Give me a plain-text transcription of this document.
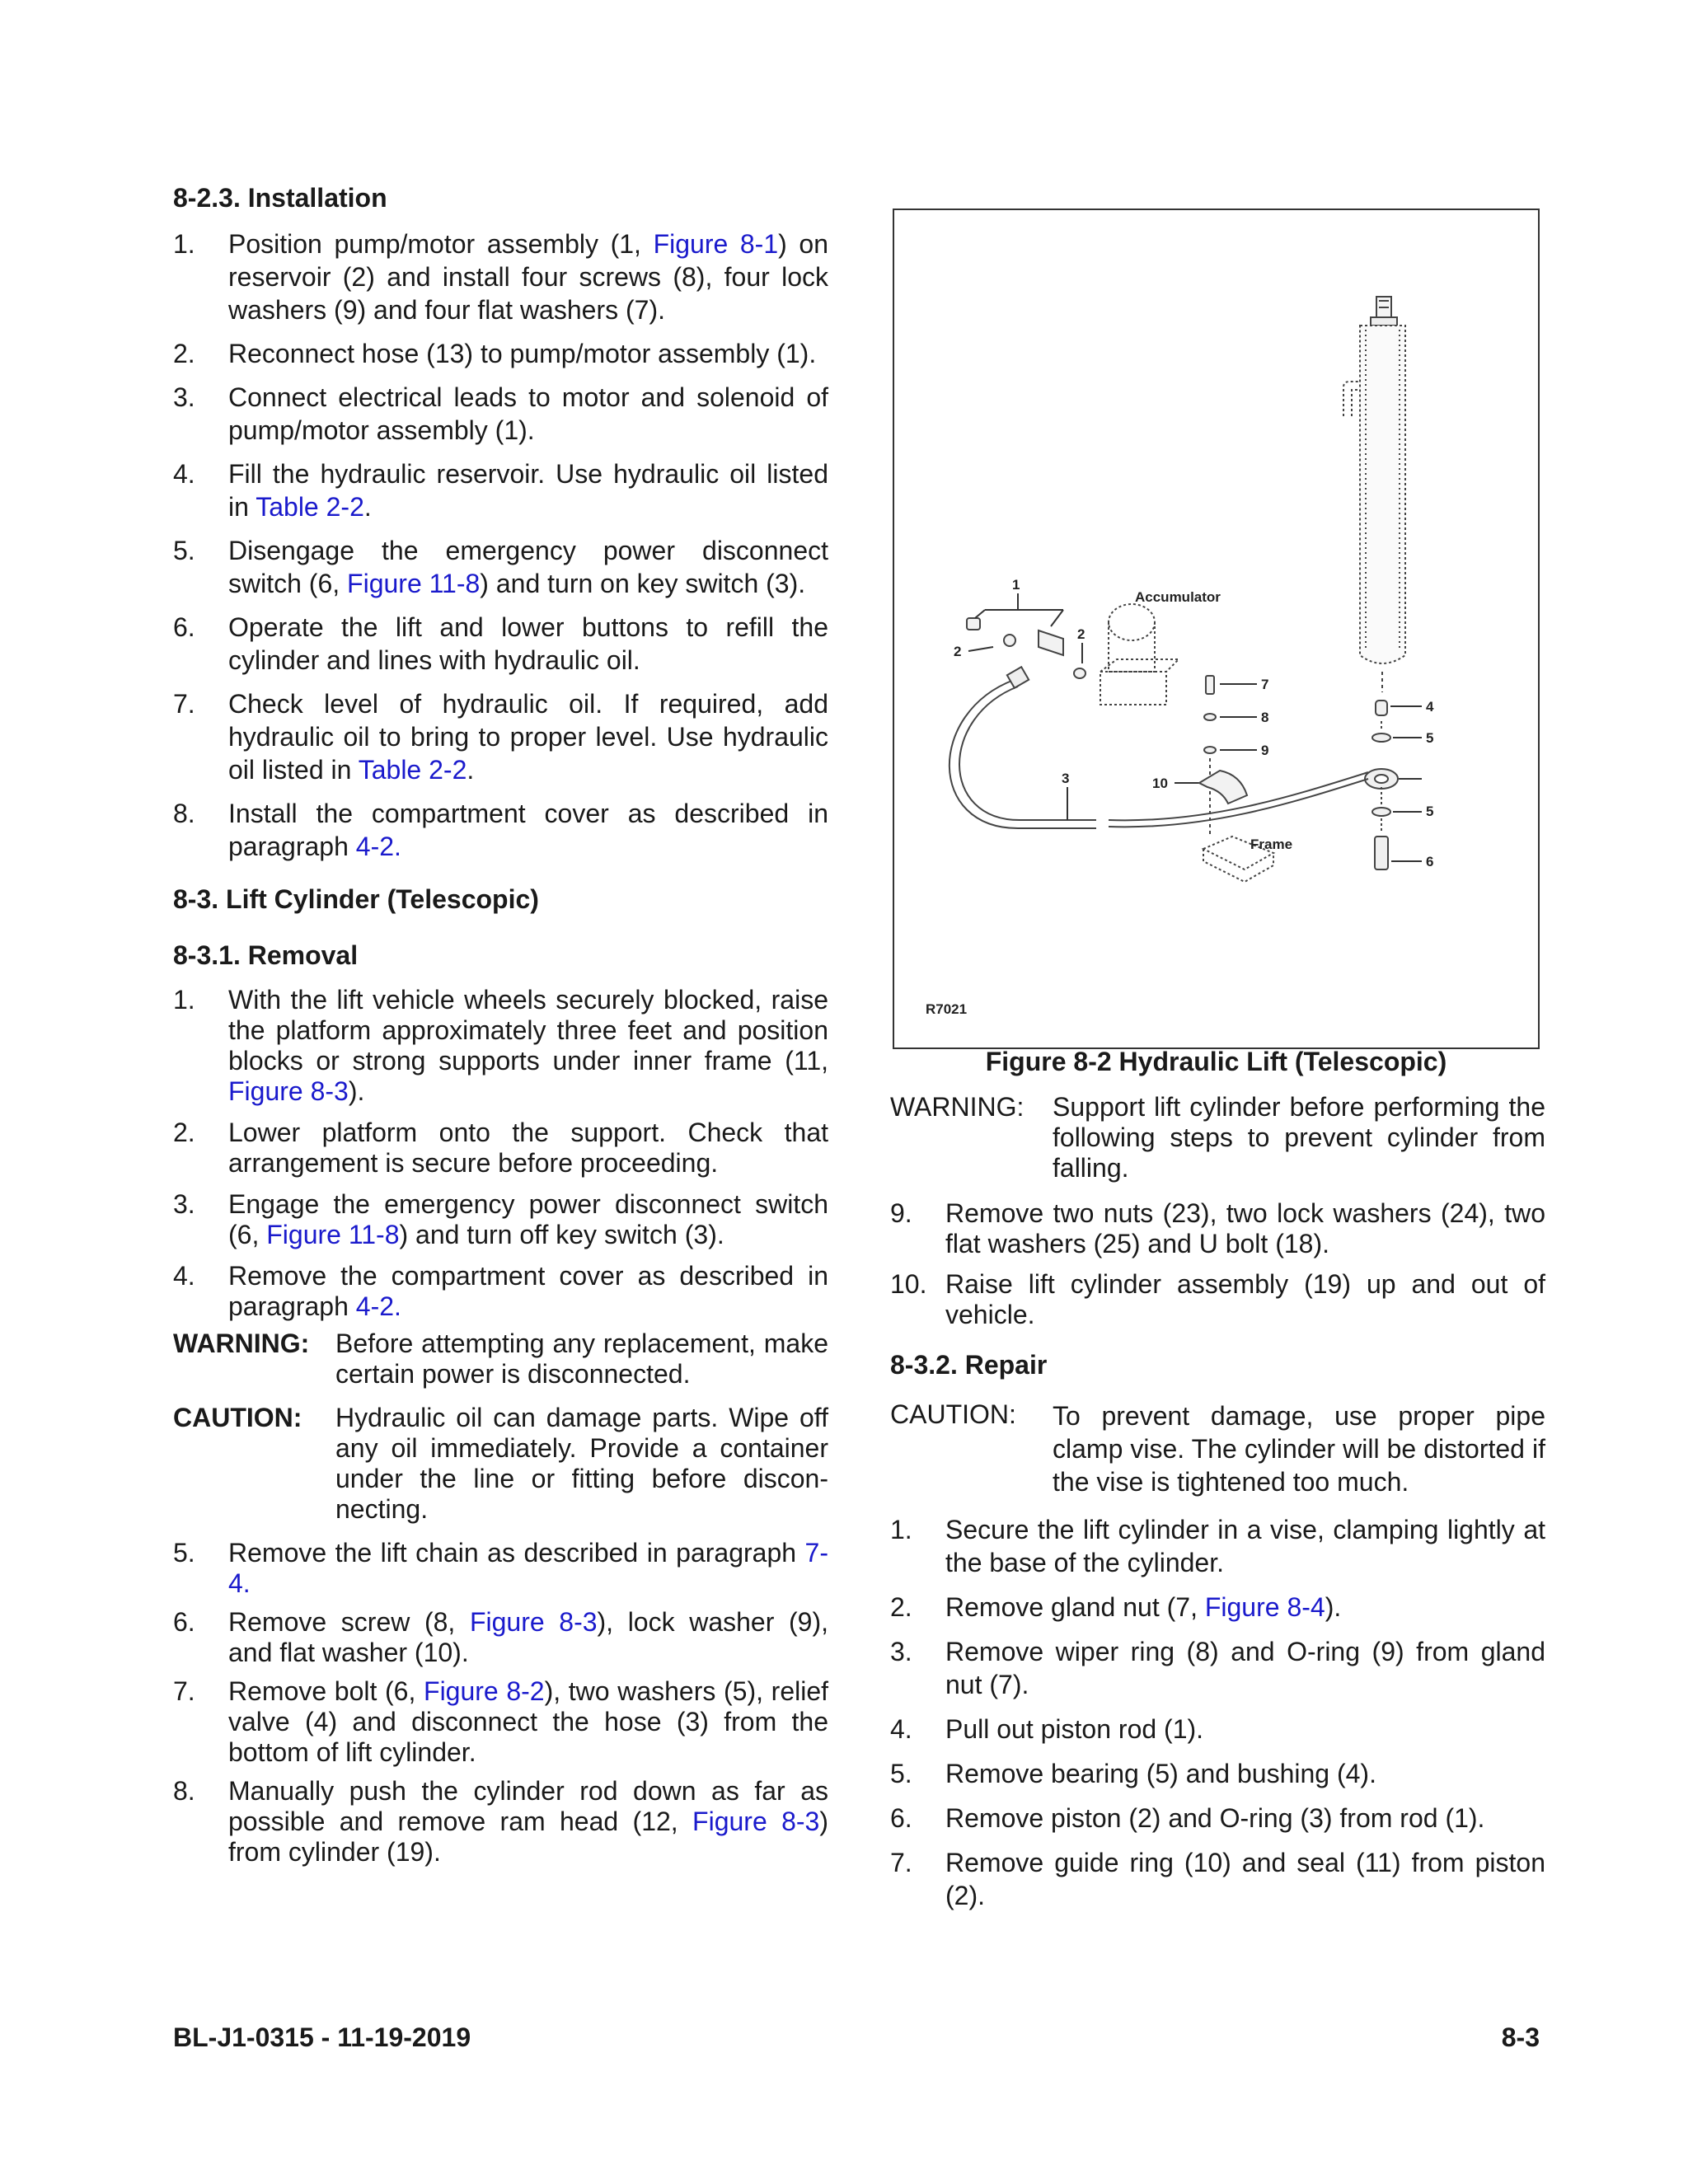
8-2.3. Installation
1.	Position pump/motor assembly (1, Figure 8-1) on reservoir (2) and install four screws (8), four lock washers (9) and four flat washers (7).
2.	Reconnect hose (13) to pump/motor assembly (1).
3.	Connect electrical leads to motor and solenoid of pump/motor assembly (1).
4.	Fill the hydraulic reservoir. Use hydraulic oil listed in Table 2-2.
5.	Disengage the emergency power disconnect switch (6, Figure 11-8) and turn on key switch (3).
6.	Operate the lift and lower buttons to refill the cylinder and lines with hydraulic oil.
7.	Check level of hydraulic oil. If required, add hydraulic oil to bring to proper level. Use hydraulic oil listed in Table 2-2.
8.	Install the compartment cover as described in paragraph 4-2.
8-3. Lift Cylinder (Telescopic)
8-3.1. Removal
1.	With the lift vehicle wheels securely blocked, raise the platform approximately three feet and position blocks or strong supports under inner frame (11, Figure 8-3).
2.	Lower platform onto the support. Check that arrangement is secure before proceeding.
3.	Engage the emergency power disconnect switch (6, Figure 11-8) and turn off key switch (3).
4.	Remove the compartment cover as described in paragraph 4-2.
WARNING: Before attempting any replacement, make certain power is disconnected.
CAUTION:	Hydraulic oil can damage parts. Wipe off any oil immediately. Provide a container under the line or fitting before discon-necting.
5.	Remove the lift chain as described in paragraph 7-4.
6.	Remove screw (8, Figure 8-3), lock washer (9), and flat washer (10).
7.	Remove bolt (6, Figure 8-2), two washers (5), relief valve (4) and disconnect the hose (3) from the bottom of lift cylinder.
8.	Manually push the cylinder rod down as far as possible and remove ram head (12, Figure 8-3) from cylinder (19).
4
5
5
6
1
2
2
3
7
8
9
10
Accumulator
Frame
R7021
Figure 8-2 Hydraulic Lift (Telescopic)
WARNING:	Support lift cylinder before performing the following steps to prevent cylinder from falling.
9.	Remove two nuts (23), two lock washers (24), two flat washers (25) and U bolt (18).
10. Raise lift cylinder assembly (19) up and out of vehicle.
8-3.2. Repair
CAUTION:	To prevent damage, use proper pipe clamp vise. The cylinder will be distorted if the vise is tightened too much.
1.	Secure the lift cylinder in a vise, clamping lightly at the base of the cylinder.
2.	Remove gland nut (7, Figure 8-4).
3.	Remove wiper ring (8) and O-ring (9) from gland nut (7).
4.	Pull out piston rod (1).
5.	Remove bearing (5) and bushing (4).
6.	Remove piston (2) and O-ring (3) from rod (1).
7.	Remove guide ring (10) and seal (11) from piston (2).
BL-J1-0315 - 11-19-2019	8-3
